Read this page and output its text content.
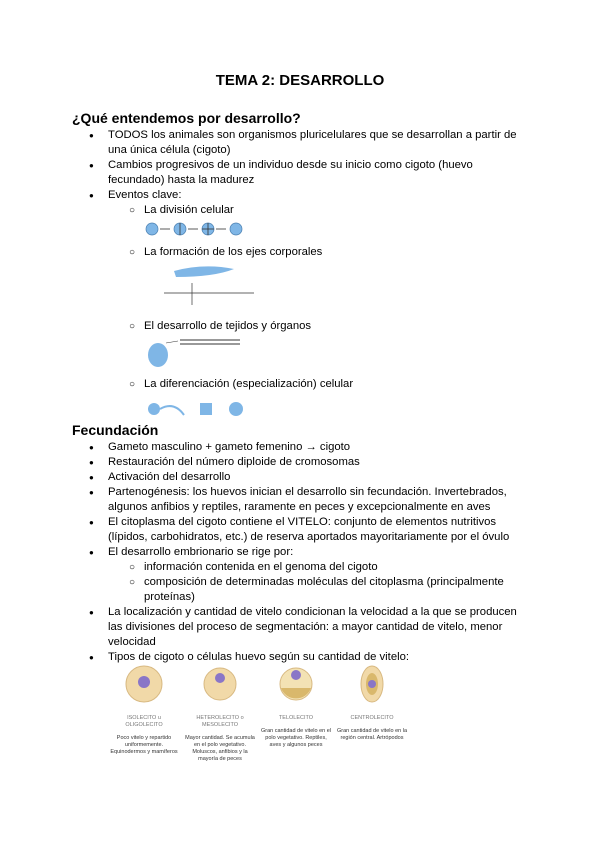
TEMA 2: DESARROLLO
¿Qué entendemos por desarrollo?
● TODOS los animales son organismos pluricelulares que se desarrollan a partir de una única célula (cigoto)
● Cambios progresivos de un individuo desde su inicio como cigoto (huevo fecundado) hasta la madurez
● Eventos clave:
○ La división celular
○ La formación de los ejes corporales
○ El desarrollo de tejidos y órganos
○ La diferenciación (especialización) celular
Fecundación
● Gameto masculino + gameto femenino → cigoto
● Restauración del número diploide de cromosomas
● Activación del desarrollo
● Partenogénesis: los huevos inician el desarrollo sin fecundación. Invertebrados, algunos anfibios y reptiles, raramente en peces y excepcionalmente en aves
● El citoplasma del cigoto contiene el VITELO: conjunto de elementos nutritivos (lípidos, carbohidratos, etc.) de reserva aportados mayoritariamente por el óvulo
● El desarrollo embrionario se rige por:
○ información contenida en el genoma del cigoto
○ composición de determinadas moléculas del citoplasma (principalmente proteínas)
● La localización y cantidad de vitelo condicionan la velocidad a la que se producen las divisiones del proceso de segmentación: a mayor cantidad de vitelo, menor velocidad
● Tipos de cigoto o células huevo según su cantidad de vitelo:
ISOLECITO u OLIGOLECITO
Poco vitelo y repartido uniformemente. Equinodermos y mamíferos
HETEROLECITO o MESOLECITO
Mayor cantidad. Se acumula en el polo vegetativo. Moluscos, anfibios y la mayoría de peces
TELOLECITO
Gran cantidad de vitelo en el polo vegetativo. Reptiles, aves y algunos peces
CENTROLECITO
Gran cantidad de vitelo en la región central. Artrópodos
